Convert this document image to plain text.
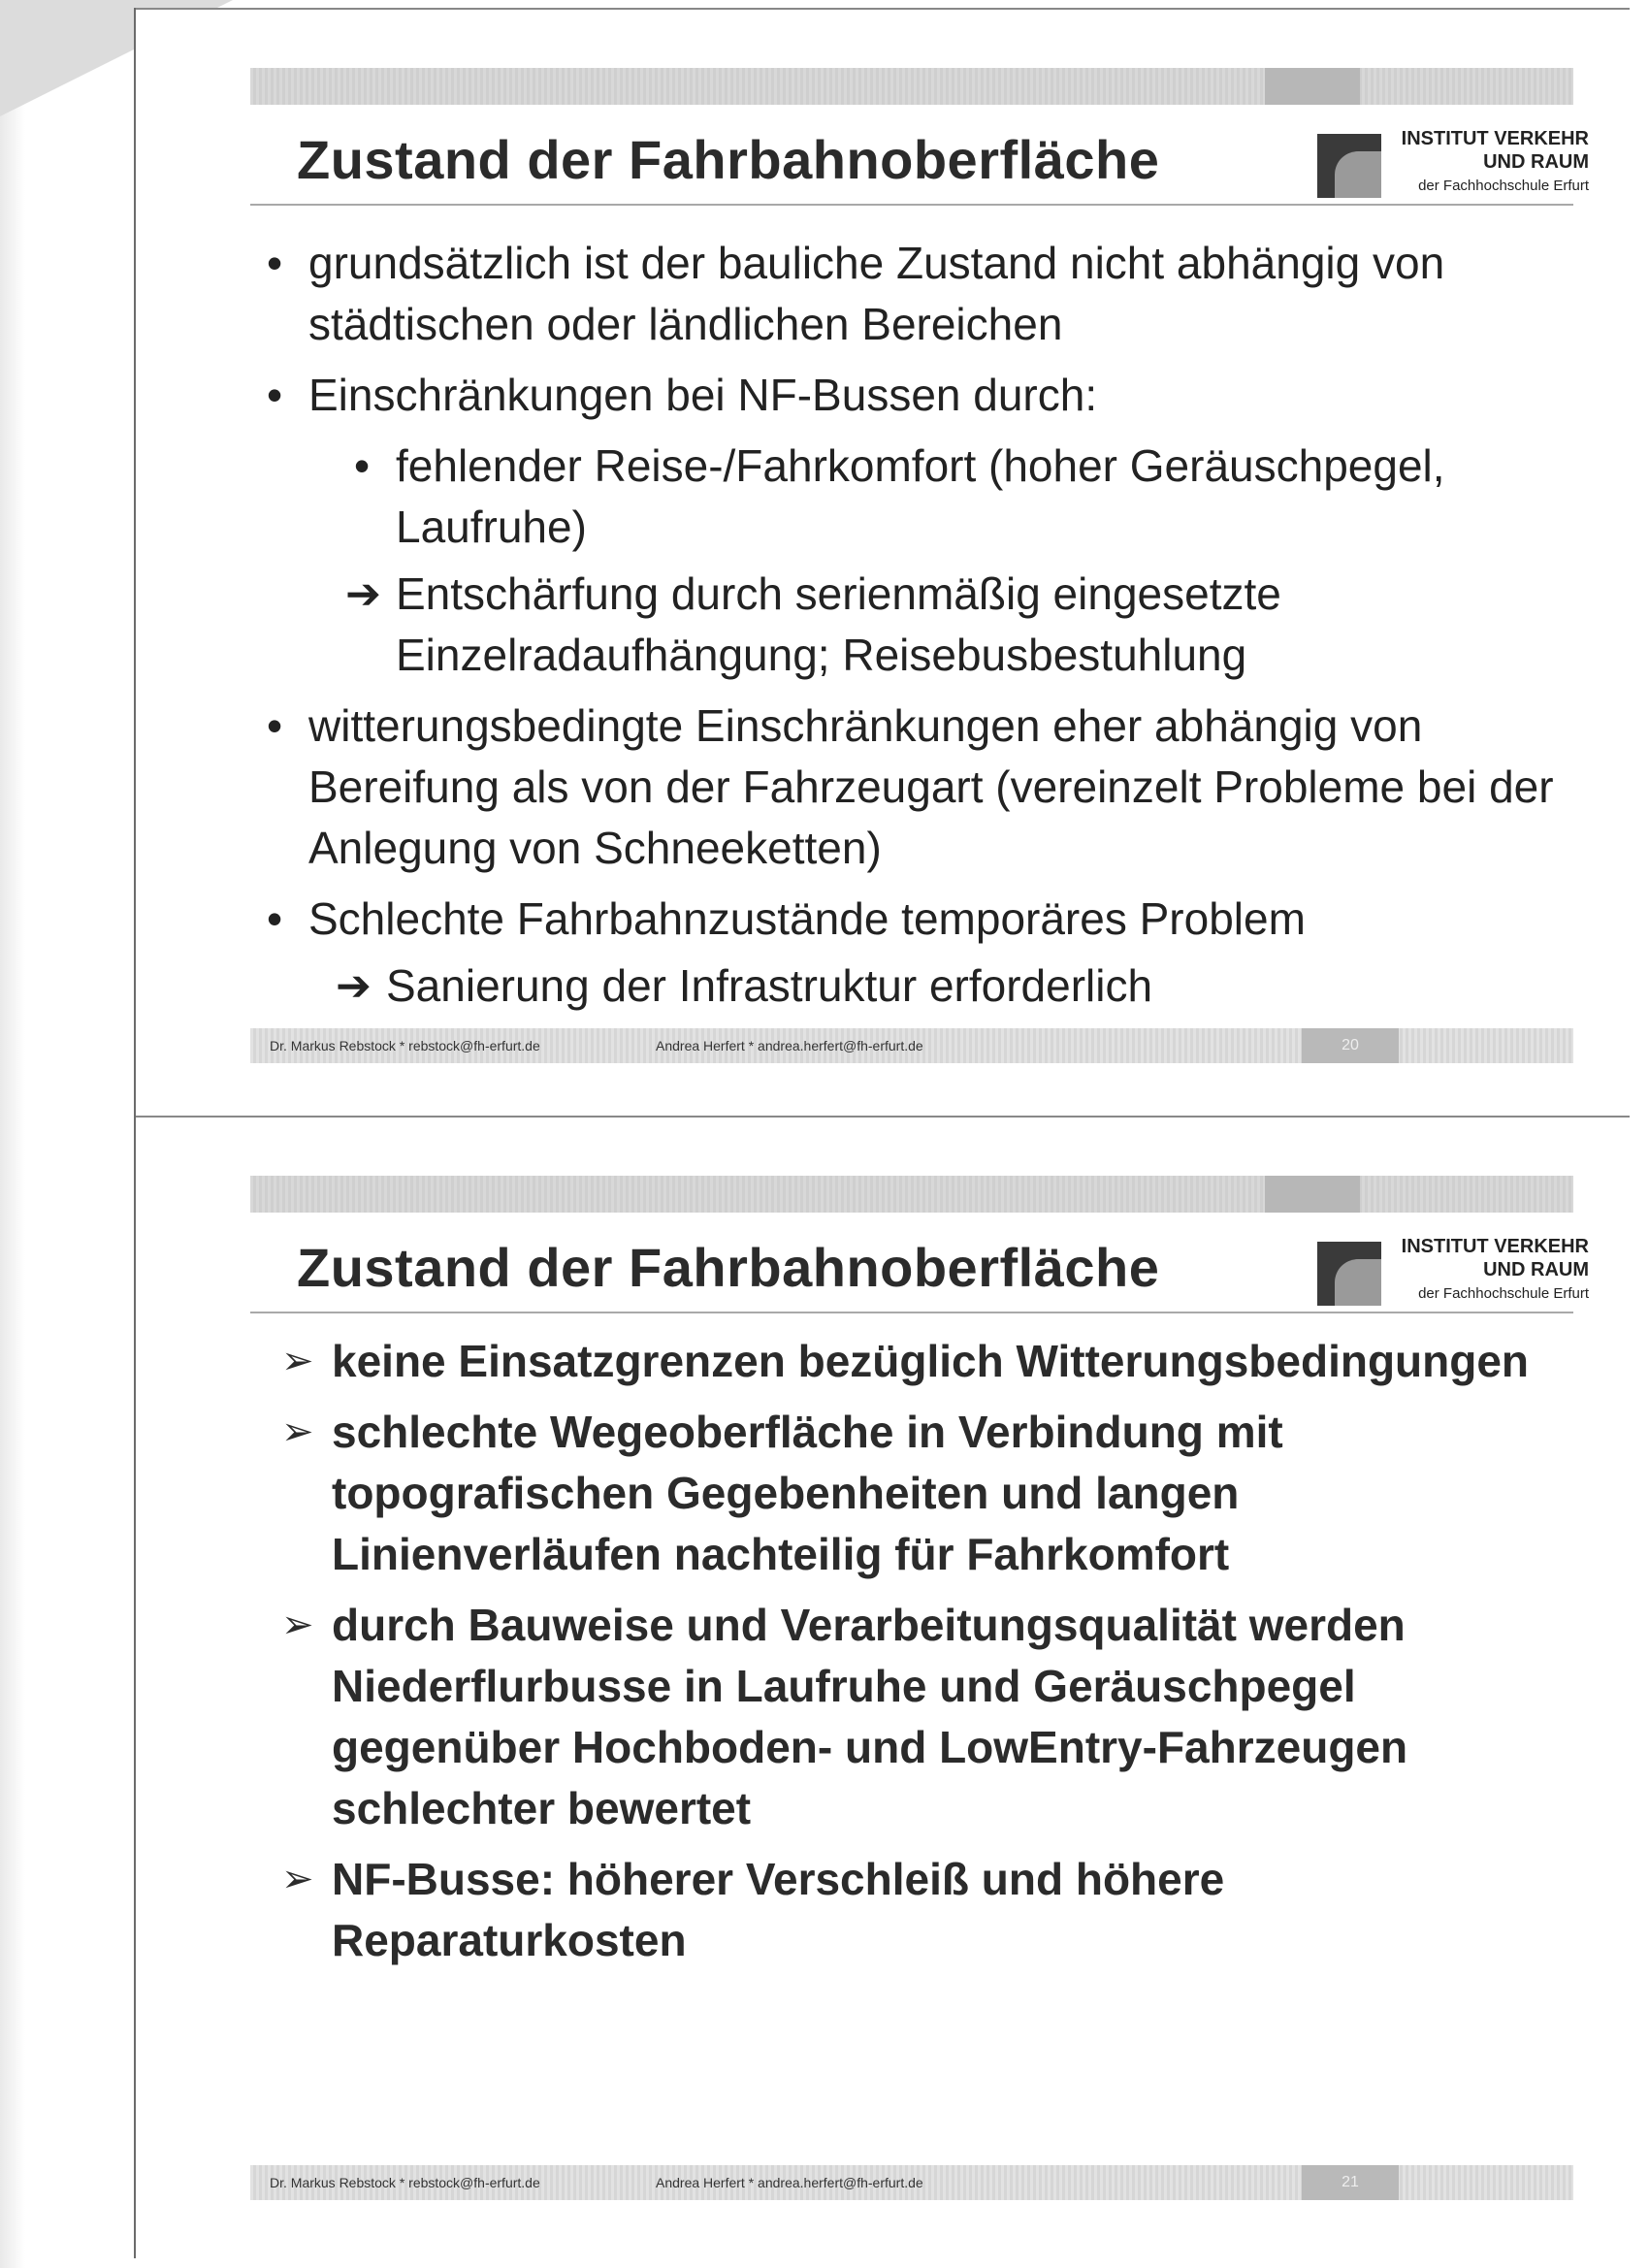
Zustand der Fahrbahnoberfläche	INSTITUT VERKEHR
UND RAUM
der Fachhochschule Erfurt

• grundsätzlich ist der bauliche Zustand nicht abhängig von städtischen oder ländlichen Bereichen

• Einschränkungen bei NF-Bussen durch:

• fehlender Reise-/Fahrkomfort (hoher Geräuschpegel, Laufruhe)

➔ Entschärfung durch serienmäßig eingesetzte Einzelradaufhängung; Reisebusbestuhlung

• witterungsbedingte Einschränkungen eher abhängig von Bereifung als von der Fahrzeugart (vereinzelt Probleme bei der Anlegung von Schneeketten)

• Schlechte Fahrbahnzustände temporäres Problem

➔ Sanierung der Infrastruktur erforderlich

Dr. Markus Rebstock * rebstock@fh-erfurt.de	Andrea Herfert * andrea.herfert@fh-erfurt.de	20
Zustand der Fahrbahnoberfläche	INSTITUT VERKEHR
UND RAUM
der Fachhochschule Erfurt

➢ keine Einsatzgrenzen bezüglich Witterungsbedingungen

➢ schlechte Wegeoberfläche in Verbindung mit topografischen Gegebenheiten und langen Linienverläufen nachteilig für Fahrkomfort

➢ durch Bauweise und Verarbeitungsqualität werden Niederflurbusse in Laufruhe und Geräuschpegel gegenüber Hochboden- und LowEntry-Fahrzeugen schlechter bewertet

➢ NF-Busse: höherer Verschleiß und höhere Reparaturkosten

Dr. Markus Rebstock * rebstock@fh-erfurt.de	Andrea Herfert * andrea.herfert@fh-erfurt.de	21
